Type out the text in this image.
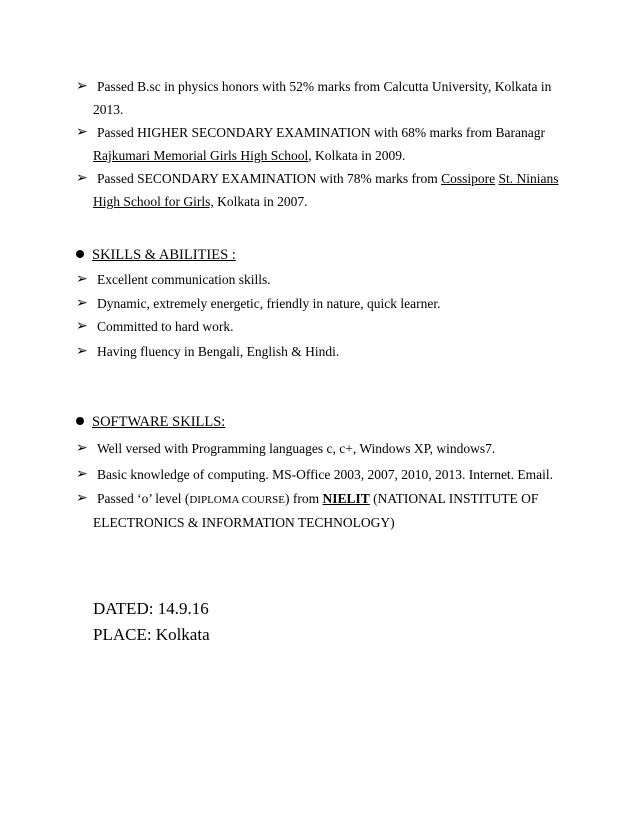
➢ Passed B.sc in physics honors with 52% marks from Calcutta University, Kolkata in
2013.
➢ Passed HIGHER SECONDARY EXAMINATION with 68% marks from Baranagr
Rajkumari Memorial Girls High School, Kolkata in 2009.
➢ Passed SECONDARY EXAMINATION with 78% marks from Cossipore St. Ninians
High School for Girls, Kolkata in 2007.
SKILLS & ABILITIES :
➢ Excellent communication skills.
➢ Dynamic, extremely energetic, friendly in nature, quick learner.
➢ Committed to hard work.
➢ Having fluency in Bengali, English & Hindi.
SOFTWARE SKILLS:
➢ Well versed with Programming languages c, c+, Windows XP, windows7.
➢ Basic knowledge of computing. MS-Office 2003, 2007, 2010, 2013. Internet. Email.
➢ Passed ‘o’ level (DIPLOMA COURSE) from NIELIT (NATIONAL INSTITUTE OF
ELECTRONICS & INFORMATION TECHNOLOGY)
DATED: 14.9.16
PLACE: Kolkata
